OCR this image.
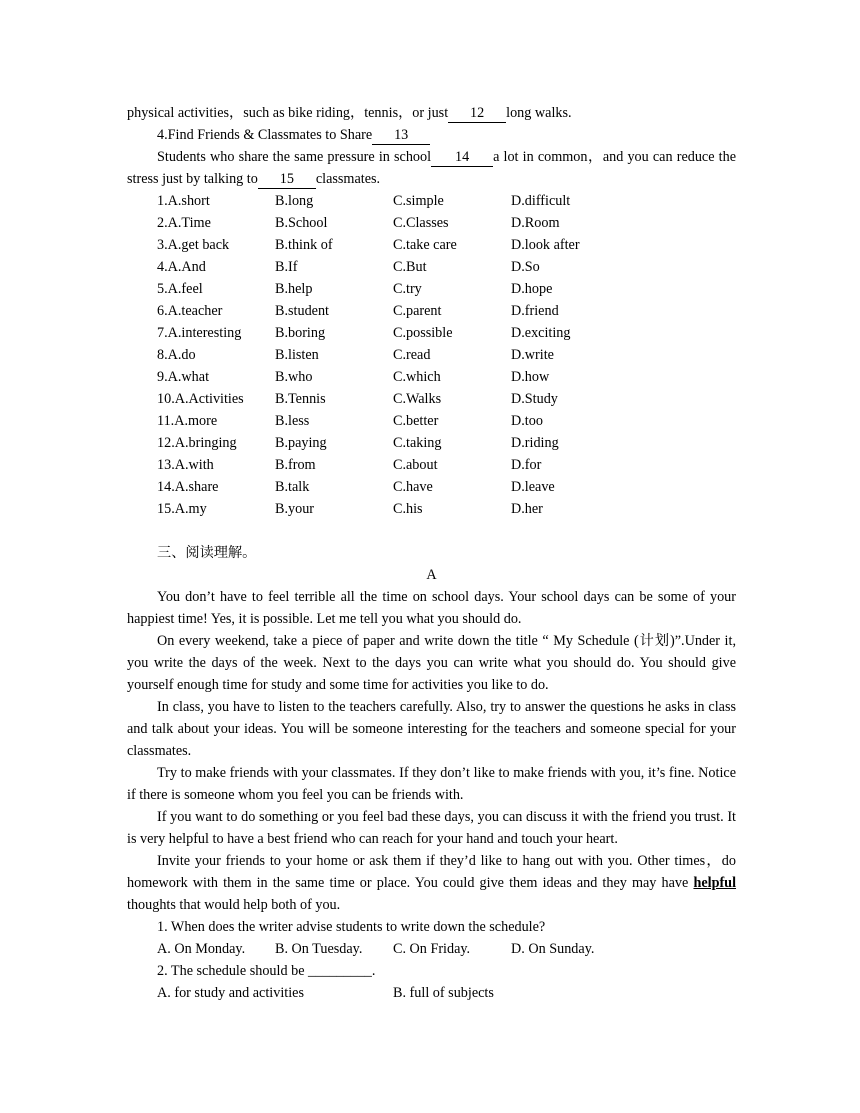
physical activities，such as bike riding，tennis，or just 12 long walks.
4.Find Friends & Classmates to Share 13
Students who share the same pressure in school 14 a lot in common，and you can reduce the stress just by talking to 15 classmates.
1.A.short	B.long	C.simple	D.difficult
2.A.Time	B.School	C.Classes	D.Room
3.A.get back	B.think of	C.take care	D.look after
4.A.And	B.If	C.But	D.So
5.A.feel	B.help	C.try	D.hope
6.A.teacher	B.student	C.parent	D.friend
7.A.interesting	B.boring	C.possible	D.exciting
8.A.do	B.listen	C.read	D.write
9.A.what	B.who	C.which	D.how
10.A.Activities	B.Tennis	C.Walks	D.Study
11.A.more	B.less	C.better	D.too
12.A.bringing	B.paying	C.taking	D.riding
13.A.with	B.from	C.about	D.for
14.A.share	B.talk	C.have	D.leave
15.A.my	B.your	C.his	D.her
三、阅读理解。
A
You don’t have to feel terrible all the time on school days. Your school days can be some of your happiest time! Yes, it is possible. Let me tell you what you should do.
On every weekend, take a piece of paper and write down the title “ My Schedule (计划)”.Under it, you write the days of the week. Next to the days you can write what you should do. You should give yourself enough time for study and some time for activities you like to do.
In class, you have to listen to the teachers carefully. Also, try to answer the questions he asks in class and talk about your ideas. You will be someone interesting for the teachers and someone special for your classmates.
Try to make friends with your classmates. If they don’t like to make friends with you, it’s fine. Notice if there is someone whom you feel you can be friends with.
If you want to do something or you feel bad these days, you can discuss it with the friend you trust. It is very helpful to have a best friend who can reach for your hand and touch your heart.
Invite your friends to your home or ask them if they’d like to hang out with you. Other times，do homework with them in the same time or place. You could give them ideas and they may have helpful thoughts that would help both of you.
1. When does the writer advise students to write down the schedule?
A. On Monday.	B. On Tuesday.	C. On Friday.	D. On Sunday.
2. The schedule should be _________.
A. for study and activities	B. full of subjects
